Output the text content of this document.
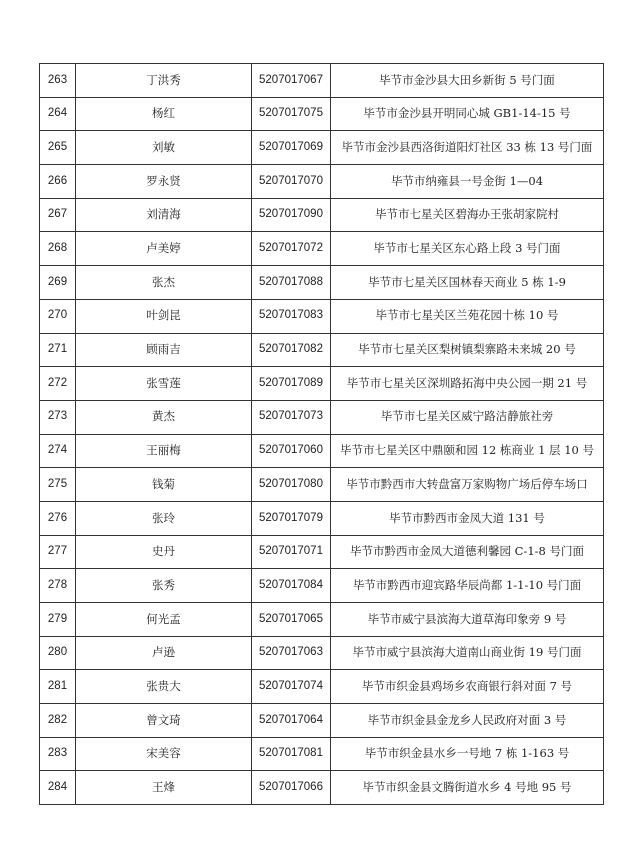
263	丁洪秀	5207017067	毕节市金沙县大田乡新街 5 号门面
264	杨红	5207017075	毕节市金沙县开明同心城 GB1-14-15 号
265	刘敏	5207017069	毕节市金沙县西洛街道阳灯社区 33 栋 13 号门面
266	罗永贤	5207017070	毕节市纳雍县一号金街 1—04
267	刘清海	5207017090	毕节市七星关区碧海办王张胡家院村
268	卢美婷	5207017072	毕节市七星关区东心路上段 3 号门面
269	张杰	5207017088	毕节市七星关区国林春天商业 5 栋 1-9
270	叶剑昆	5207017083	毕节市七星关区兰苑花园十栋 10 号
271	顾雨吉	5207017082	毕节市七星关区梨树镇梨寨路未来城 20 号
272	张雪莲	5207017089	毕节市七星关区深圳路拓海中央公园一期 21 号
273	黄杰	5207017073	毕节市七星关区威宁路洁静旅社旁
274	王丽梅	5207017060	毕节市七星关区中鼎颐和园 12 栋商业 1 层 10 号
275	钱菊	5207017080	毕节市黔西市大转盘富万家购物广场后停车场口
276	张玲	5207017079	毕节市黔西市金凤大道 131 号
277	史丹	5207017071	毕节市黔西市金凤大道德利馨园 C-1-8 号门面
278	张秀	5207017084	毕节市黔西市迎宾路华辰尚都 1-1-10 号门面
279	何光孟	5207017065	毕节市威宁县滨海大道草海印象旁 9 号
280	卢逊	5207017063	毕节市威宁县滨海大道南山商业街 19 号门面
281	张贵大	5207017074	毕节市织金县鸡场乡农商银行斜对面 7 号
282	曾文琦	5207017064	毕节市织金县金龙乡人民政府对面 3 号
283	宋美容	5207017081	毕节市织金县水乡一号地 7 栋 1-163 号
284	王烽	5207017066	毕节市织金县文腾街道水乡 4 号地 95 号
